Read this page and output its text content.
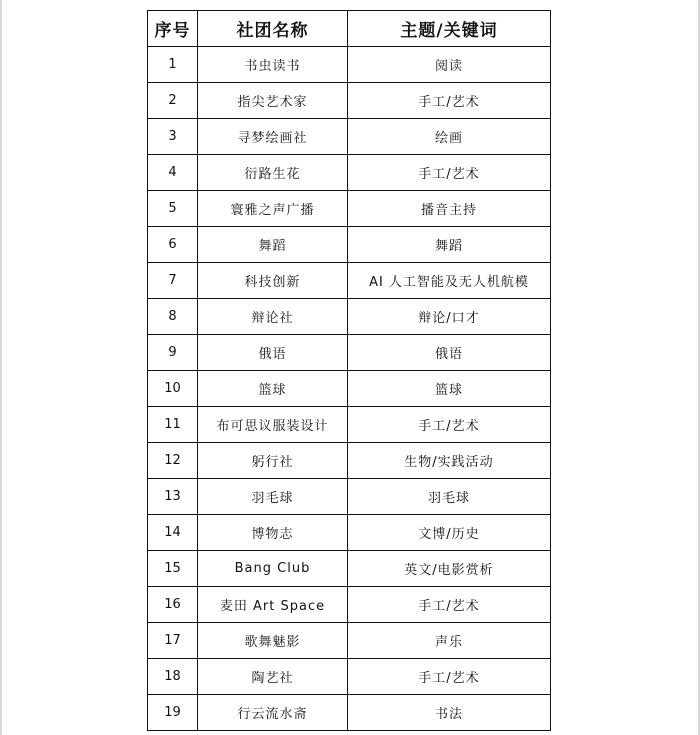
序号	社团名称	主题/关键词
1	书虫读书	阅读
2	指尖艺术家	手工/艺术
3	寻梦绘画社	绘画
4	衍路生花	手工/艺术
5	寰雅之声广播	播音主持
6	舞蹈	舞蹈
7	科技创新	AI 人工智能及无人机航模
8	辩论社	辩论/口才
9	俄语	俄语
10	篮球	篮球
11	布可思议服装设计	手工/艺术
12	躬行社	生物/实践活动
13	羽毛球	羽毛球
14	博物志	文博/历史
15	Bang Club	英文/电影赏析
16	麦田 Art Space	手工/艺术
17	歌舞魅影	声乐
18	陶艺社	手工/艺术
19	行云流水斋	书法
